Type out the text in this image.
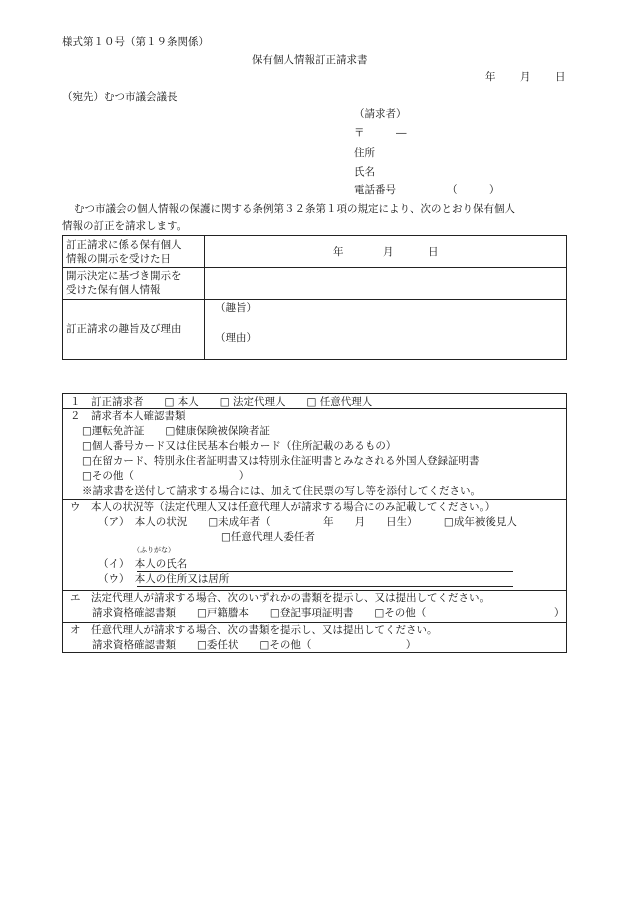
様式第１０号（第１９条関係）
保有個人情報訂正請求書
年 月 日
（宛先）むつ市議会議長
（請求者）
〒　　　―
住所
氏名
電話番号	（　　　）
むつ市議会の個人情報の保護に関する条例第３２条第１項の規定により、次のとおり保有個人
情報の訂正を請求します。
訂正請求に係る保有個人
情報の開示を受けた日
年	月	日
開示決定に基づき開示を
受けた保有個人情報
訂正請求の趣旨及び理由
（趣旨）
（理由）
１　訂正請求者　　□ 本人　　□ 法定代理人　　□ 任意代理人
２　請求者本人確認書類
□運転免許証　　□健康保険被保険者証
□個人番号カード又は住民基本台帳カード（住所記載のあるもの）
□在留カード、特別永住者証明書又は特別永住証明書とみなされる外国人登録証明書
□その他（　　　　　　　　　　）
※請求書を送付して請求する場合には、加えて住民票の写し等を添付してください。
ウ　本人の状況等（法定代理人又は任意代理人が請求する場合にのみ記載してください。）
（ア）　本人の状況　　□未成年者（　　　　　年　　月　　日生）　　　□成年被後見人
□任意代理人委任者
（ふりがな）
（イ）　本人の氏名
（ウ）　本人の住所又は居所
エ　法定代理人が請求する場合、次のいずれかの書類を提示し、又は提出してください。
請求資格確認書類　　□戸籍謄本　　□登記事項証明書　　□その他（	）
オ　任意代理人が請求する場合、次の書類を提示し、又は提出してください。
請求資格確認書類　　□委任状　　□その他（　　　　　　　　　）
